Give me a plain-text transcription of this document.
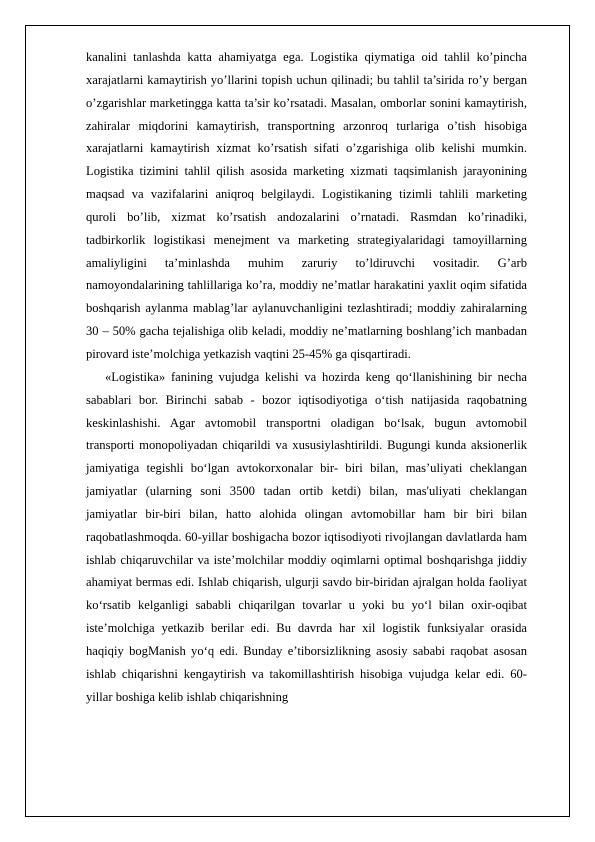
kanalini tanlashda katta ahamiyatga ega. Logistika qiymatiga oid tahlil ko’pincha xarajatlarni kamaytirish yo’llarini topish uchun qilinadi; bu tahlil ta’sirida ro’y bergan o’zgarishlar marketingga katta ta’sir ko’rsatadi. Masalan, omborlar sonini kamaytirish, zahiralar miqdorini kamaytirish, transportning arzonroq turlariga o’tish hisobiga xarajatlarni kamaytirish xizmat ko’rsatish sifati o’zgarishiga olib kelishi mumkin. Logistika tizimini tahlil qilish asosida marketing xizmati taqsimlanish jarayonining maqsad va vazifalarini aniqroq belgilaydi. Logistikaning tizimli tahlili marketing quroli bo’lib, xizmat ko’rsatish andozalarini o’rnatadi. Rasmdan ko’rinadiki, tadbirkorlik logistikasi menejment va marketing strategiyalaridagi tamoyillarning amaliyligini ta’minlashda muhim zaruriy to’ldiruvchi vositadir. G’arb namoyondalarining tahlillariga ko’ra, moddiy ne’matlar harakatini yaxlit oqim sifatida boshqarish aylanma mablag’lar aylanuvchanligini tezlashtiradi; moddiy zahiralarning 30 – 50% gacha tejalishiga olib keladi, moddiy ne’matlarning boshlang’ich manbadan pirovard iste’molchiga yetkazish vaqtini 25-45% ga qisqartiradi.

«Logistika» fanining vujudga kelishi va hozirda keng qo‘llanishining bir necha sabablari bor. Birinchi sabab - bozor iqtisodiyotiga o‘tish natijasida raqobatning keskinlashishi. Agar avtomobil transportni oladigan bo‘lsak, bugun avtomobil transporti monopoliyadan chiqarildi va xususiylashtirildi. Bugungi kunda aksionerlik jamiyatiga tegishli bo‘lgan avtokorxonalar bir- biri bilan, mas’uliyati cheklangan jamiyatlar (ularning soni 3500 tadan ortib ketdi) bilan, mas'uliyati cheklangan jamiyatlar bir-biri bilan, hatto alohida olingan avtomobillar ham bir biri bilan raqobatlashmoqda. 60-yillar boshigacha bozor iqtisodiyoti rivojlangan davlatlarda ham ishlab chiqaruvchilar va iste’molchilar moddiy oqimlarni optimal boshqarishga jiddiy ahamiyat bermas edi. Ishlab chiqarish, ulgurji savdo bir-biridan ajralgan holda faoliyat ko‘rsatib kelganligi sababli chiqarilgan tovarlar u yoki bu yo‘l bilan oxir-oqibat iste’molchiga yetkazib berilar edi. Bu davrda har xil logistik funksiyalar orasida haqiqiy bogManish yo‘q edi. Bunday e’tiborsizlikning asosiy sababi raqobat asosan ishlab chiqarishni kengaytirish va takomillashtirish hisobiga vujudga kelar edi. 60-yillar boshiga kelib ishlab chiqarishning
